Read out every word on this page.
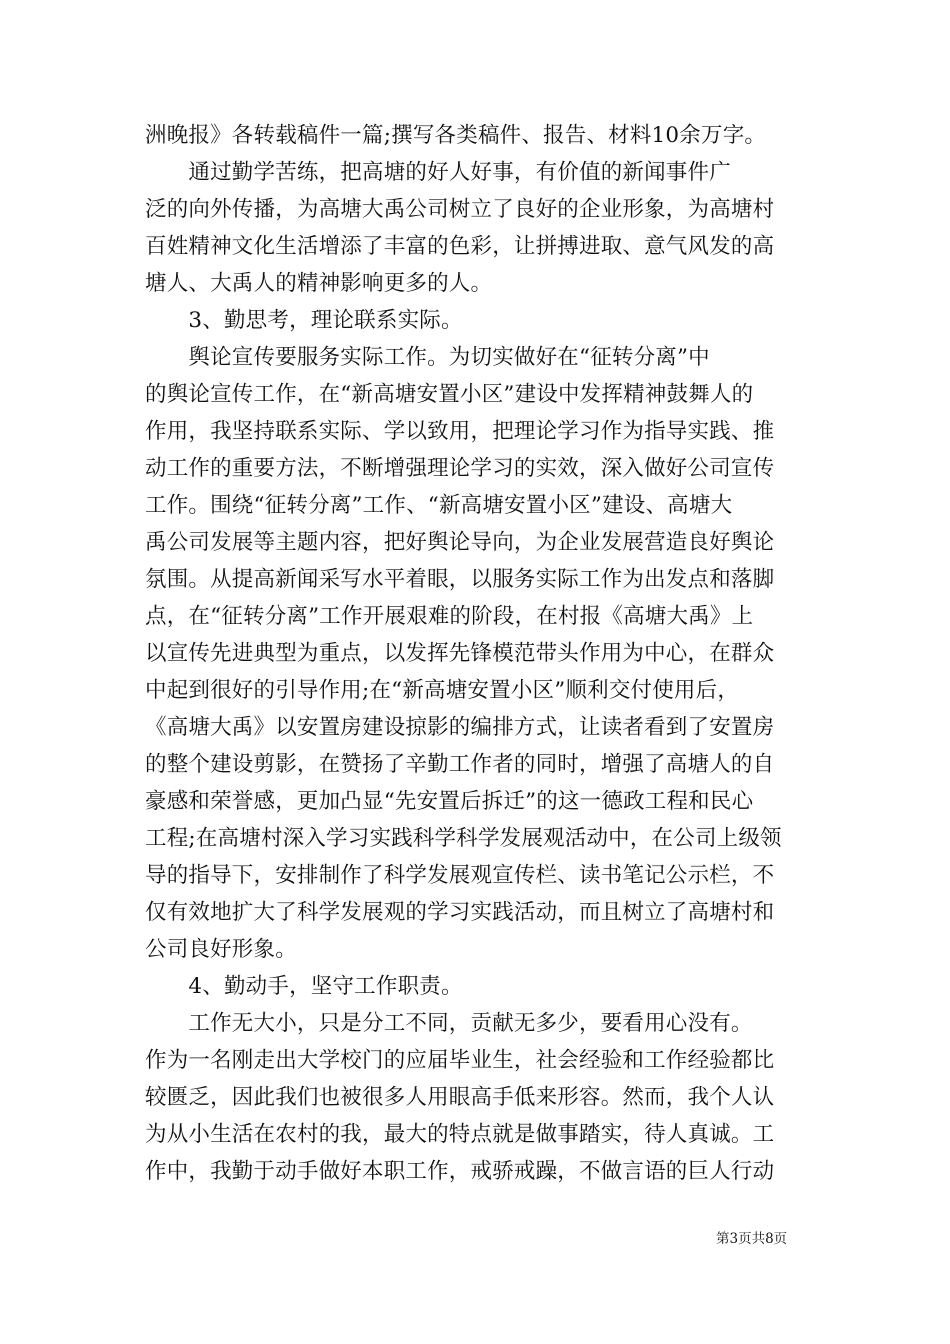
洲晚报》各转载稿件一篇;撰写各类稿件、报告、材料10余万字。
　　通过勤学苦练，把高塘的好人好事，有价值的新闻事件广
泛的向外传播，为高塘大禹公司树立了良好的企业形象，为高塘村
百姓精神文化生活增添了丰富的色彩，让拼搏进取、意气风发的高
塘人、大禹人的精神影响更多的人。
　　3、勤思考，理论联系实际。
　　舆论宣传要服务实际工作。为切实做好在“征转分离”中
的舆论宣传工作，在“新高塘安置小区”建设中发挥精神鼓舞人的
作用，我坚持联系实际、学以致用，把理论学习作为指导实践、推
动工作的重要方法，不断增强理论学习的实效，深入做好公司宣传
工作。围绕“征转分离”工作、“新高塘安置小区”建设、高塘大
禹公司发展等主题内容，把好舆论导向，为企业发展营造良好舆论
氛围。从提高新闻采写水平着眼，以服务实际工作为出发点和落脚
点，在“征转分离”工作开展艰难的阶段，在村报《高塘大禹》上
以宣传先进典型为重点，以发挥先锋模范带头作用为中心，在群众
中起到很好的引导作用;在“新高塘安置小区”顺利交付使用后，
《高塘大禹》以安置房建设掠影的编排方式，让读者看到了安置房
的整个建设剪影，在赞扬了辛勤工作者的同时，增强了高塘人的自
豪感和荣誉感，更加凸显“先安置后拆迁”的这一德政工程和民心
工程;在高塘村深入学习实践科学科学发展观活动中，在公司上级领
导的指导下，安排制作了科学发展观宣传栏、读书笔记公示栏，不
仅有效地扩大了科学发展观的学习实践活动，而且树立了高塘村和
公司良好形象。
　　4、勤动手，坚守工作职责。
　　工作无大小，只是分工不同，贡献无多少，要看用心没有。
作为一名刚走出大学校门的应届毕业生，社会经验和工作经验都比
较匮乏，因此我们也被很多人用眼高手低来形容。然而，我个人认
为从小生活在农村的我，最大的特点就是做事踏实，待人真诚。工
作中，我勤于动手做好本职工作，戒骄戒躁，不做言语的巨人行动
第3页共8页
